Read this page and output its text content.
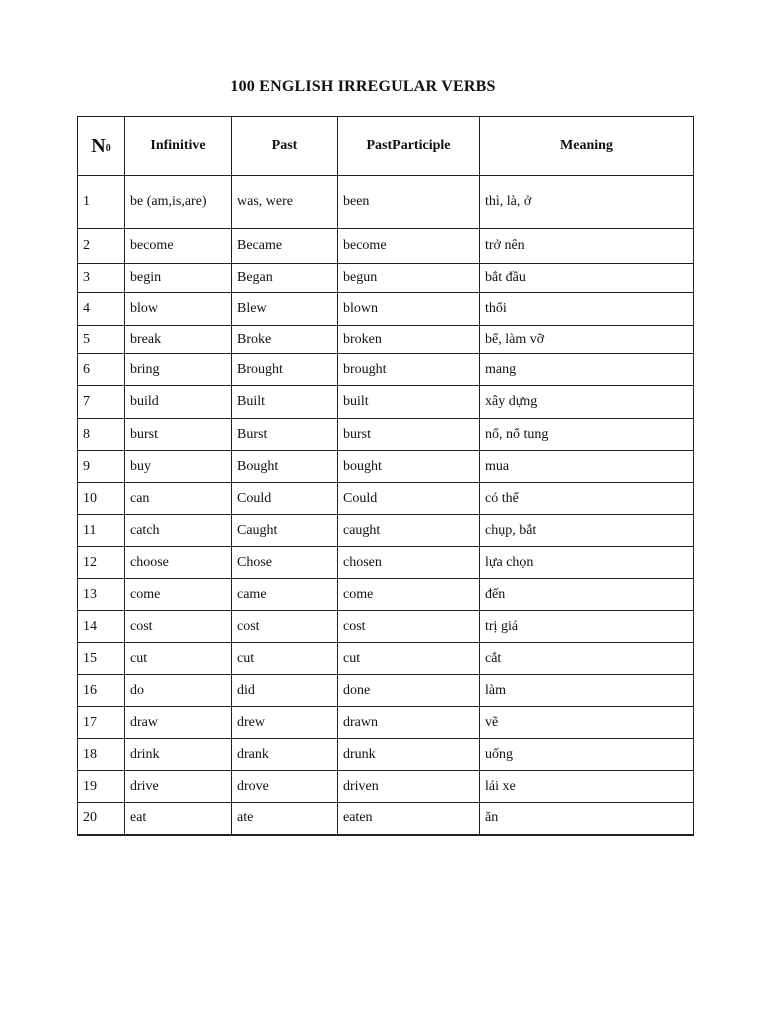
100 ENGLISH IRREGULAR VERBS
$N_0$	Infinitive	Past	PastParticiple	Meaning
1	be (am,is,are)	was, were	been	thì, là, ở
2	become	Became	become	trở nên
3	begin	Began	begun	bắt đầu
4	blow	Blew	blown	thổi
5	break	Broke	broken	bể, làm vỡ
6	bring	Brought	brought	mang
7	build	Built	built	xây dựng
8	burst	Burst	burst	nổ, nổ tung
9	buy	Bought	bought	mua
10	can	Could	Could	có thể
11	catch	Caught	caught	chụp, bắt
12	choose	Chose	chosen	lựa chọn
13	come	came	come	đến
14	cost	cost	cost	trị giá
15	cut	cut	cut	cắt
16	do	did	done	làm
17	draw	drew	drawn	vẽ
18	drink	drank	drunk	uống
19	drive	drove	driven	lái xe
20	eat	ate	eaten	ăn
